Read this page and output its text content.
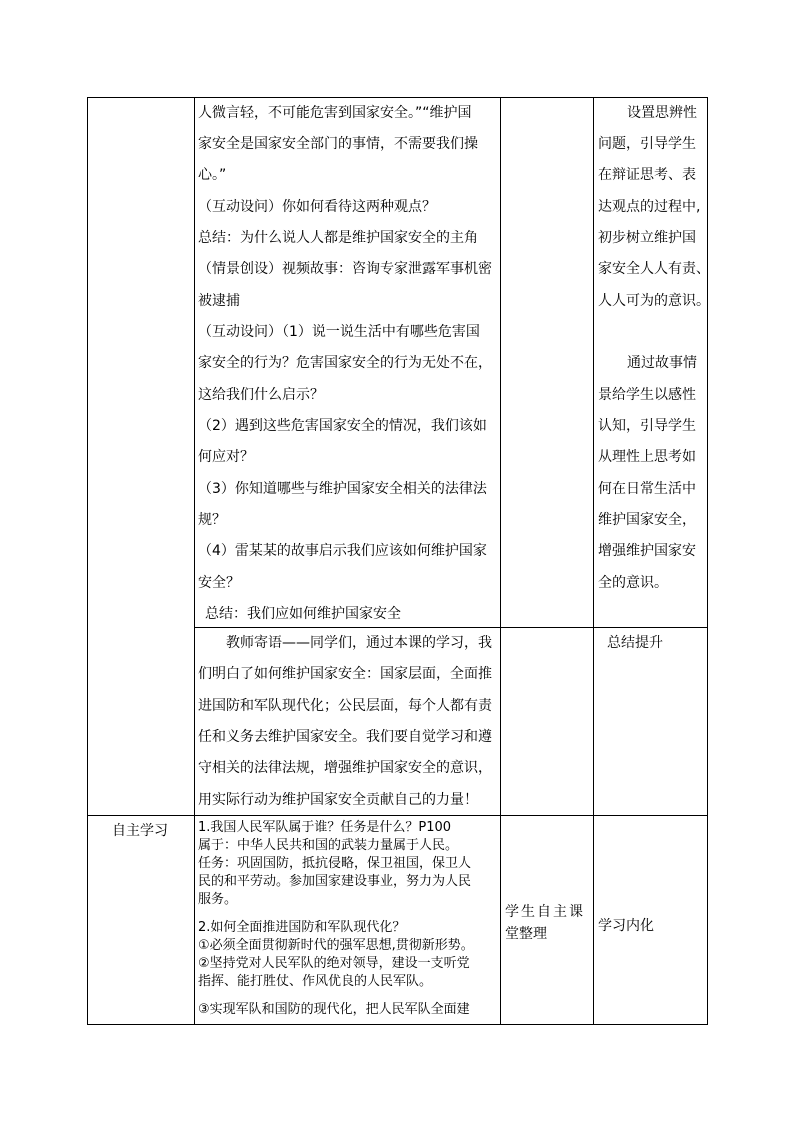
人微言轻，不可能危害到国家安全。”“维护国
家安全是国家安全部门的事情，不需要我们操
心。”
（互动设问）你如何看待这两种观点？
总结：为什么说人人都是维护国家安全的主角
（情景创设）视频故事：咨询专家泄露军事机密
被逮捕
（互动设问）（1）说一说生活中有哪些危害国
家安全的行为？危害国家安全的行为无处不在，
这给我们什么启示？
（2）遇到这些危害国家安全的情况，我们该如
何应对？
（3）你知道哪些与维护国家安全相关的法律法
规？
（4）雷某某的故事启示我们应该如何维护国家
安全？
总结：我们应如何维护国家安全
设置思辨性
问题，引导学生
在辩证思考、表
达观点的过程中,
初步树立维护国
家安全人人有责、
人人可为的意识。
通过故事情
景给学生以感性
认知，引导学生
从理性上思考如
何在日常生活中
维护国家安全，
增强维护国家安
全的意识。
教师寄语——同学们，通过本课的学习，我
们明白了如何维护国家安全：国家层面，全面推
进国防和军队现代化；公民层面，每个人都有责
任和义务去维护国家安全。我们要自觉学习和遵
守相关的法律法规，增强维护国家安全的意识，
用实际行动为维护国家安全贡献自己的力量！
总结提升
自主学习 1.我国人民军队属于谁？任务是什么？P100
属于：中华人民共和国的武装力量属于人民。
任务：巩固国防，抵抗侵略，保卫祖国，保卫人
民的和平劳动。参加国家建设事业，努力为人民
服务。
2.如何全面推进国防和军队现代化？
①必须全面贯彻新时代的强军思想,贯彻新形势。
②坚持党对人民军队的绝对领导，建设一支听党
指挥、能打胜仗、作风优良的人民军队。
③实现军队和国防的现代化，把人民军队全面建
学生自主课
堂整理	学习内化
